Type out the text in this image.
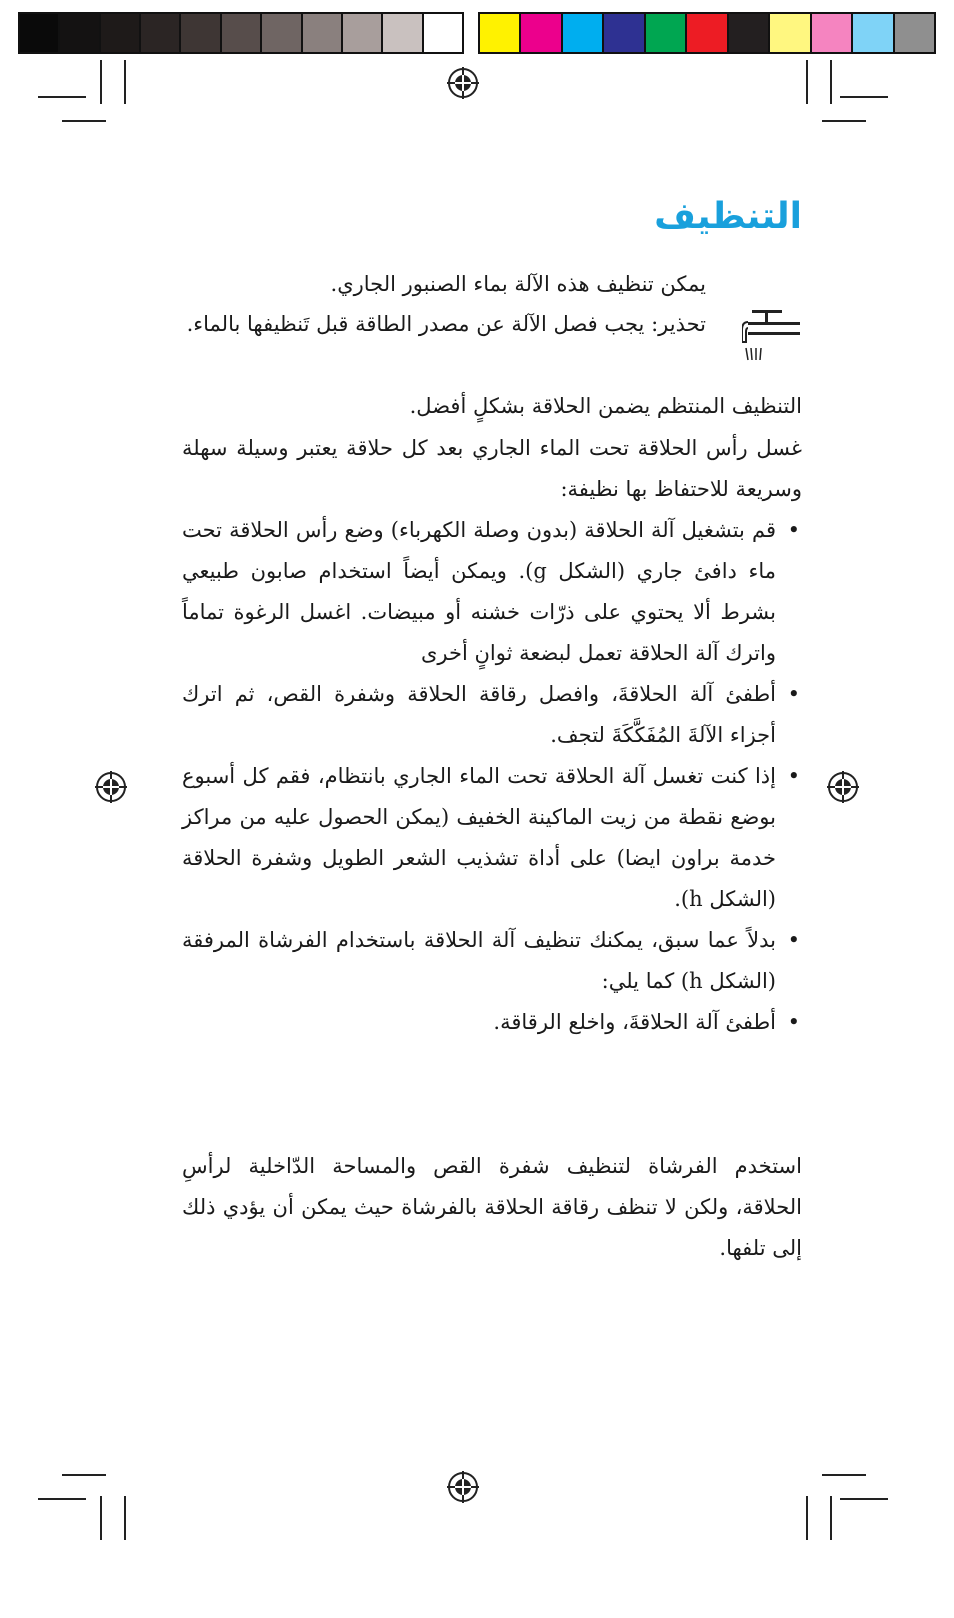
التنظيف

يمكن تنظيف هذه الآلة بماء الصنبور الجاري.

تحذير: يجب فصل الآلة عن مصدر الطاقة قبل تَنظيفها بالماء.

التنظيف المنتظم يضمن الحلاقة بشكلٍ أفضل.

غسل رأس الحلاقة تحت الماء الجاري بعد كل حلاقة يعتبر وسيلة سهلة وسريعة للاحتفاظ بها نظيفة:

•
قم بتشغيل آلة الحلاقة (بدون وصلة الكهرباء) وضع رأس الحلاقة تحت ماء دافئ جاري (الشكل g). ويمكن أيضاً استخدام صابون طبيعي بشرط ألا يحتوي على ذرّات خشنه أو مبيضات. اغسل الرغوة تماماً واترك آلة الحلاقة تعمل لبضعة ثوانٍ أخرى
•
أطفئ آلة الحلاقةَ، وافصل رقاقة الحلاقة وشفرة القص، ثم اترك أجزاء الآلةَ المُفَكَّكَةَ لتجف.
•
إذا كنت تغسل آلة الحلاقة تحت الماء الجاري بانتظام، فقم كل أسبوع بوضع نقطة من زيت الماكينة الخفيف (يمكن الحصول عليه من مراكز خدمة براون ايضا) على أداة تشذيب الشعر الطويل وشفرة الحلاقة (الشكل h).
•
بدلاً عما سبق، يمكنك تنظيف آلة الحلاقة باستخدام الفرشاة المرفقة (الشكل h) كما يلي:
•
أطفئ آلة الحلاقةَ، واخلع الرقاقة.

استخدم الفرشاة لتنظيف شفرة القص والمساحة الدّاخلية لرأسِ الحلاقة، ولكن لا تنظف رقاقة الحلاقة بالفرشاة حيث يمكن أن يؤدي ذلك إلى تلفها.
